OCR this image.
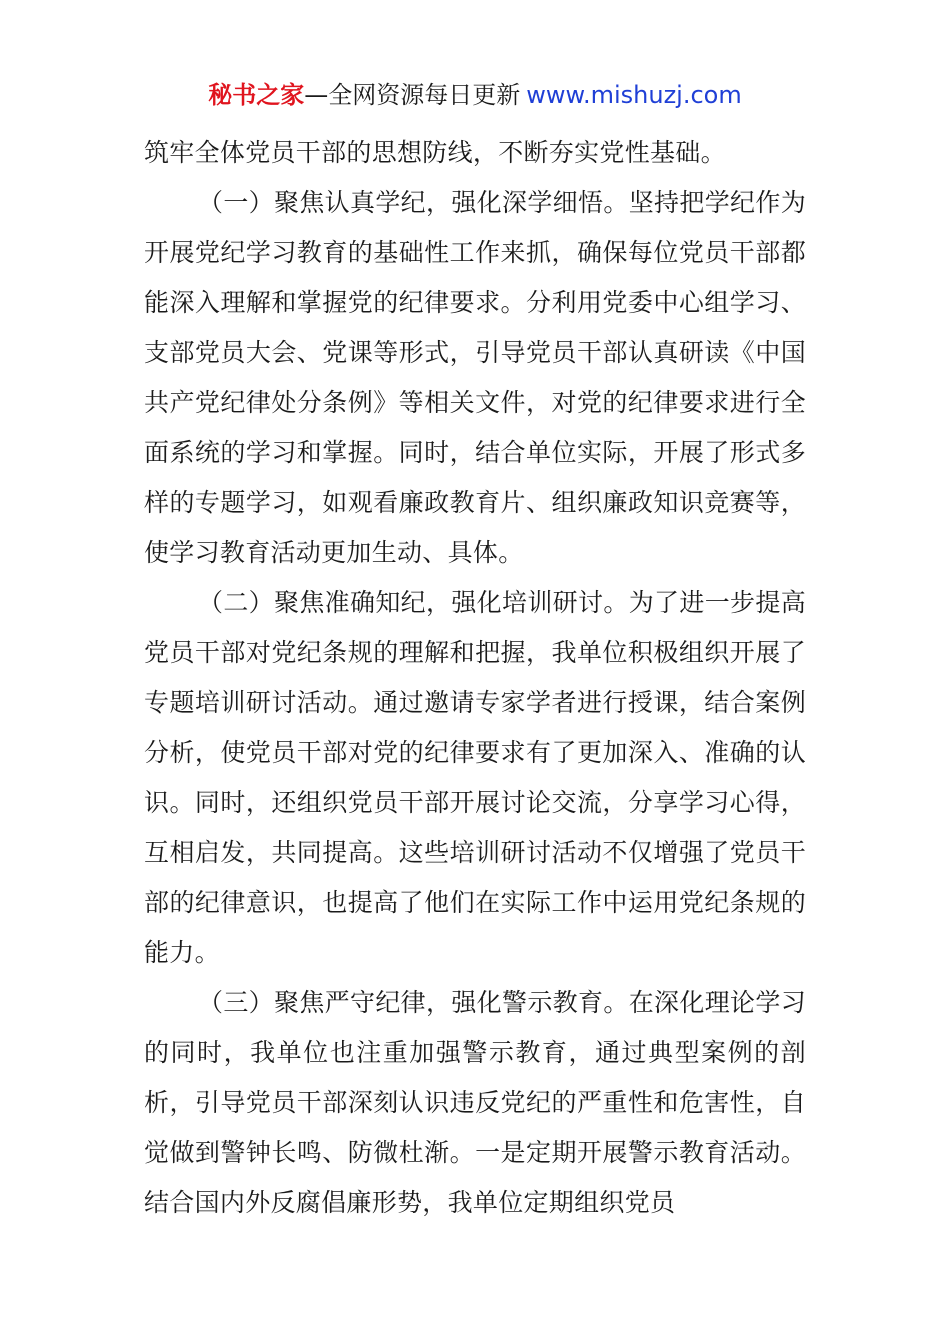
秘书之家—全网资源每日更新 www.mishuzj.com

筑牢全体党员干部的思想防线，不断夯实党性基础。

（一）聚焦认真学纪，强化深学细悟。坚持把学纪作为开展党纪学习教育的基础性工作来抓，确保每位党员干部都能深入理解和掌握党的纪律要求。分利用党委中心组学习、支部党员大会、党课等形式，引导党员干部认真研读《中国共产党纪律处分条例》等相关文件，对党的纪律要求进行全面系统的学习和掌握。同时，结合单位实际，开展了形式多样的专题学习，如观看廉政教育片、组织廉政知识竞赛等，使学习教育活动更加生动、具体。

（二）聚焦准确知纪，强化培训研讨。为了进一步提高党员干部对党纪条规的理解和把握，我单位积极组织开展了专题培训研讨活动。通过邀请专家学者进行授课，结合案例分析，使党员干部对党的纪律要求有了更加深入、准确的认识。同时，还组织党员干部开展讨论交流，分享学习心得，互相启发，共同提高。这些培训研讨活动不仅增强了党员干部的纪律意识，也提高了他们在实际工作中运用党纪条规的能力。

（三）聚焦严守纪律，强化警示教育。在深化理论学习的同时，我单位也注重加强警示教育，通过典型案例的剖析，引导党员干部深刻认识违反党纪的严重性和危害性，自觉做到警钟长鸣、防微杜渐。一是定期开展警示教育活动。结合国内外反腐倡廉形势，我单位定期组织党员
